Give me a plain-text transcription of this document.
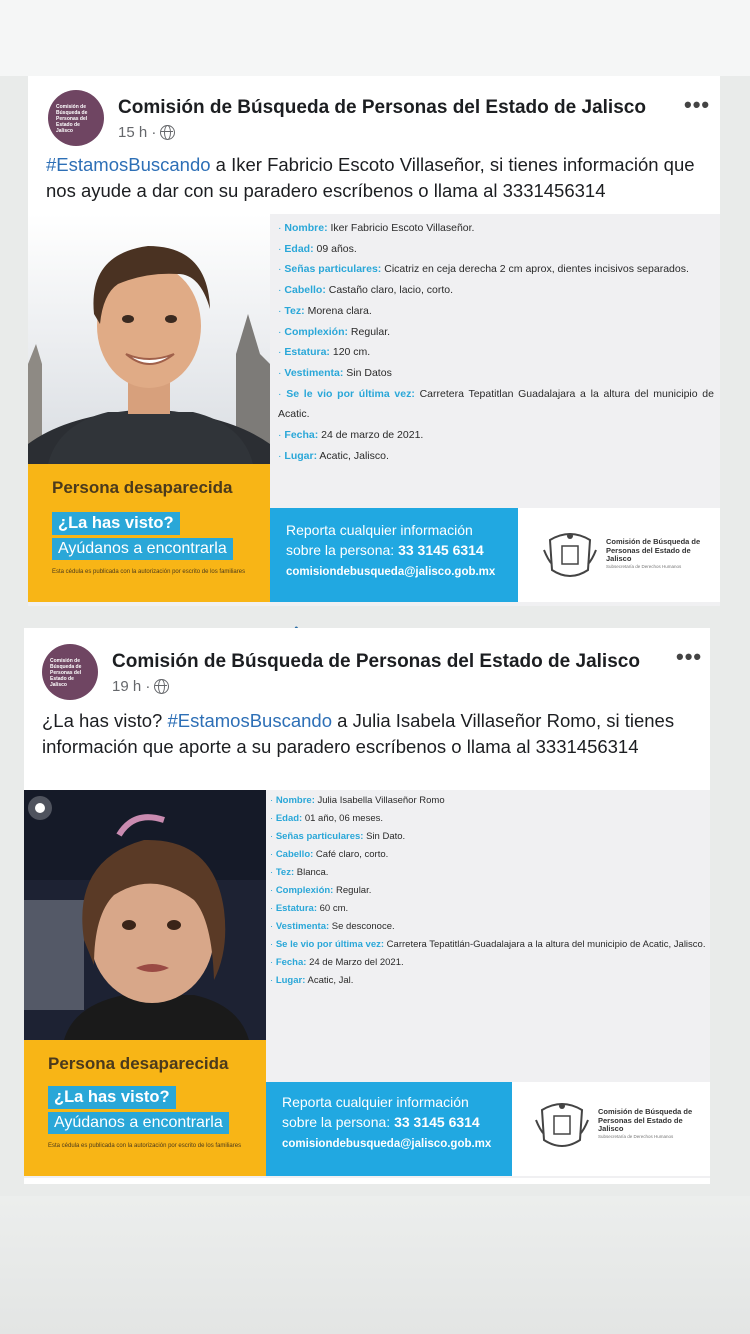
Comisión de Búsqueda de Personas del Estado de Jalisco
Comisión de Búsqueda de Personas del Estado de Jalisco
15 h ·
•••
#EstamosBuscando a Iker Fabricio Escoto Villaseñor, si tienes información que nos ayude a dar con su paradero escríbenos o llama al 3331456314
· Nombre: Iker Fabricio Escoto Villaseñor.
· Edad: 09 años.
· Señas particulares: Cicatriz en ceja derecha 2 cm aprox, dientes incisivos separados.
· Cabello: Castaño claro, lacio, corto.
· Tez: Morena clara.
· Complexión: Regular.
· Estatura: 120 cm.
· Vestimenta: Sin Datos
· Se le vio por última vez: Carretera Tepatitlan Guadalajara a la altura del municipio de Acatic.
· Fecha: 24 de marzo de 2021.
· Lugar: Acatic, Jalisco.
Persona desaparecida
¿La has visto?
Ayúdanos a encontrarla
Esta cédula es publicada con la autorización por escrito de los familiares
Reporta cualquier información
sobre la persona: 33 3145 6314
comisiondebusqueda@jalisco.gob.mx
Comisión de Búsqueda de Personas del Estado de Jalisco
Subsecretaría de Derechos Humanos
Comisión de Búsqueda de Personas del Estado de Jalisco
Comisión de Búsqueda de Personas del Estado de Jalisco
19 h ·
•••
¿La has visto? #EstamosBuscando a Julia Isabela Villaseñor Romo, si tienes información que aporte a su paradero escríbenos o llama al 3331456314
· Nombre: Julia Isabella Villaseñor Romo
· Edad: 01 año, 06 meses.
· Señas particulares: Sin Dato.
· Cabello: Café claro, corto.
· Tez: Blanca.
· Complexión: Regular.
· Estatura: 60 cm.
· Vestimenta: Se desconoce.
· Se le vio por última vez: Carretera Tepatitlán-Guadalajara a la altura del municipio de Acatic, Jalisco.
· Fecha: 24 de Marzo del 2021.
· Lugar: Acatic, Jal.
Persona desaparecida
¿La has visto?
Ayúdanos a encontrarla
Esta cédula es publicada con la autorización por escrito de los familiares
Reporta cualquier información
sobre la persona: 33 3145 6314
comisiondebusqueda@jalisco.gob.mx
Comisión de Búsqueda de Personas del Estado de Jalisco
Subsecretaría de Derechos Humanos
